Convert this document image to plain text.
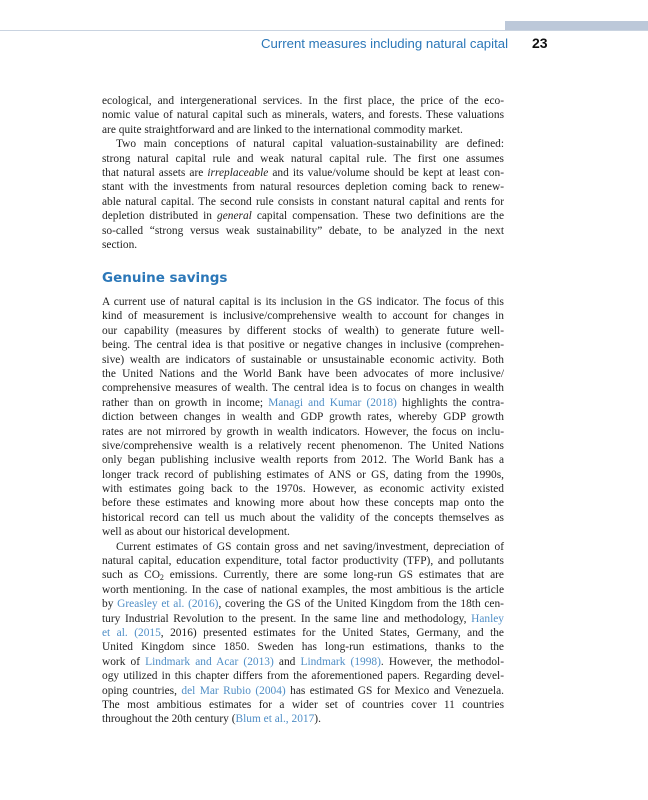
Current measures including natural capital 23
ecological, and intergenerational services. In the first place, the price of the eco-
nomic value of natural capital such as minerals, waters, and forests. These valuations
are quite straightforward and are linked to the international commodity market.
Two main conceptions of natural capital valuation-sustainability are defined:
strong natural capital rule and weak natural capital rule. The first one assumes
that natural assets are irreplaceable and its value/volume should be kept at least con-
stant with the investments from natural resources depletion coming back to renew-
able natural capital. The second rule consists in constant natural capital and rents for
depletion distributed in general capital compensation. These two definitions are the
so-called “strong versus weak sustainability” debate, to be analyzed in the next
section.
Genuine savings
A current use of natural capital is its inclusion in the GS indicator. The focus of this
kind of measurement is inclusive/comprehensive wealth to account for changes in
our capability (measures by different stocks of wealth) to generate future well-
being. The central idea is that positive or negative changes in inclusive (comprehen-
sive) wealth are indicators of sustainable or unsustainable economic activity. Both
the United Nations and the World Bank have been advocates of more inclusive/
comprehensive measures of wealth. The central idea is to focus on changes in wealth
rather than on growth in income; Managi and Kumar (2018) highlights the contra-
diction between changes in wealth and GDP growth rates, whereby GDP growth
rates are not mirrored by growth in wealth indicators. However, the focus on inclu-
sive/comprehensive wealth is a relatively recent phenomenon. The United Nations
only began publishing inclusive wealth reports from 2012. The World Bank has a
longer track record of publishing estimates of ANS or GS, dating from the 1990s,
with estimates going back to the 1970s. However, as economic activity existed
before these estimates and knowing more about how these concepts map onto the
historical record can tell us much about the validity of the concepts themselves as
well as about our historical development.
Current estimates of GS contain gross and net saving/investment, depreciation of
natural capital, education expenditure, total factor productivity (TFP), and pollutants
such as $CO_2$ emissions. Currently, there are some long-run GS estimates that are
worth mentioning. In the case of national examples, the most ambitious is the article
by Greasley et al. (2016), covering the GS of the United Kingdom from the 18th cen-
tury Industrial Revolution to the present. In the same line and methodology, Hanley
et al. (2015, 2016) presented estimates for the United States, Germany, and the
United Kingdom since 1850. Sweden has long-run estimations, thanks to the
work of Lindmark and Acar (2013) and Lindmark (1998). However, the methodol-
ogy utilized in this chapter differs from the aforementioned papers. Regarding devel-
oping countries, del Mar Rubio (2004) has estimated GS for Mexico and Venezuela.
The most ambitious estimates for a wider set of countries cover 11 countries
throughout the 20th century (Blum et al., 2017).
